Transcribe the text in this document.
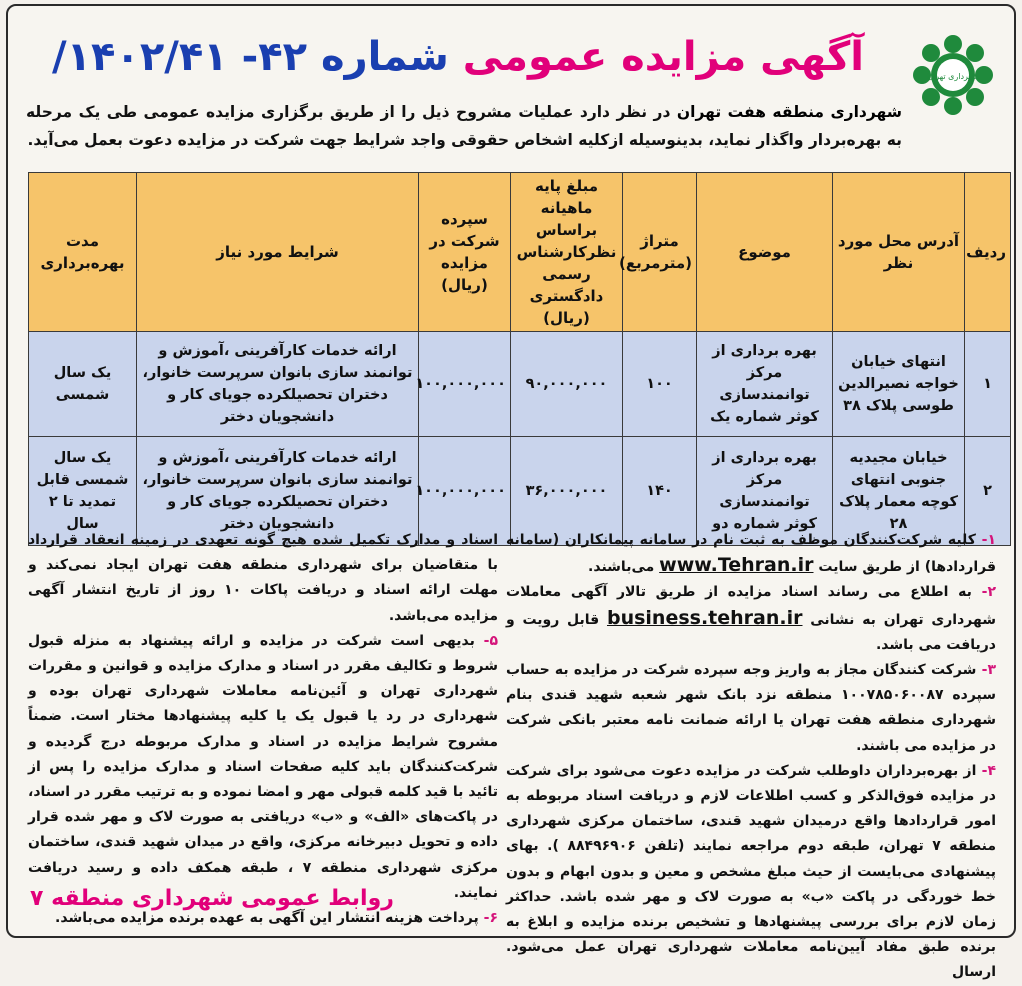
شهرداری تهران
آگهی مزایده عمومی شماره ۴۲- ۱۴۰۲/۴۱/
شهرداری منطقه هفت تهران در نظر دارد عملیات مشروح ذیل را از طریق برگزاری مزایده عمومی طی یک مرحله به بهره‌بردار واگذار نماید، بدینوسیله ازکلیه اشخاص حقوقی واجد شرایط جهت شرکت در مزایده دعوت بعمل می‌آید.
ردیف	آدرس محل مورد نظر	موضوع	متراژ (مترمربع)	مبلغ پایه ماهیانه براساس نظرکارشناس رسمی دادگستری (ریال)	سپرده شرکت در مزایده (ریال)	شرایط مورد نیاز	مدت بهره‌برداری
۱	انتهای خیابان خواجه نصیرالدین طوسی پلاک ۳۸	بهره برداری از مرکز توانمندسازی کوثر شماره یک	۱۰۰	۹۰,۰۰۰,۰۰۰	۱۰۰,۰۰۰,۰۰۰	ارائه خدمات کارآفرینی ،آموزش و توانمند سازی بانوان سرپرست خانوار، دختران تحصیلکرده جویای کار و دانشجویان دختر	یک سال شمسی
۲	خیابان مجیدیه جنوبی انتهای کوچه معمار پلاک ۲۸	بهره برداری از مرکز توانمندسازی کوثر شماره دو	۱۴۰	۳۶,۰۰۰,۰۰۰	۱۰۰,۰۰۰,۰۰۰	ارائه خدمات کارآفرینی ،آموزش و توانمند سازی بانوان سرپرست خانوار، دختران تحصیلکرده جویای کار و دانشجویان دختر	یک سال شمسی قابل تمدید تا ۲ سال

۱- کلیه شرکت‌کنندگان موظف به ثبت نام در سامانه پیمانکاران (سامانه قراردادها) از طریق سایت www.Tehran.ir می‌باشند.

۲- به اطلاع می رساند اسناد مزایده از طریق تالار آگهی معاملات شهرداری تهران به نشانی business.tehran.ir قابل رویت و دریافت می باشد.

۳- شرکت کنندگان مجاز به واریز وجه سپرده شرکت در مزایده به حساب سپرده ۱۰۰۷۸۵۰۶۰۰۸۷ منطقه نزد بانک شهر شعبه شهید قندی بنام شهرداری منطقه هفت تهران یا ارائه ضمانت نامه معتبر بانکی شرکت در مزایده می باشند.

۴- از بهره‌برداران داوطلب شرکت در مزایده دعوت می‌شود برای شرکت در مزایده فوق‌الذکر و کسب اطلاعات لازم و دریافت اسناد مربوطه به امور قراردادها واقع درمیدان شهید قندی، ساختمان مرکزی شهرداری منطقه ۷ تهران، طبقه دوم مراجعه نمایند (تلفن ۸۸۴۹۶۹۰۶ ). بهای پیشنهادی می‌بایست از حیث مبلغ مشخص و معین و بدون ابهام و بدون خط خوردگی در پاکت «ب» به صورت لاک و مهر شده باشد. حداکثر زمان لازم برای بررسی پیشنهادها و تشخیص برنده مزایده و ابلاغ به برنده طبق مفاد آیین‌نامه معاملات شهرداری تهران عمل می‌شود. ارسال

اسناد و مدارک تکمیل شده هیچ گونه تعهدی در زمینه انعقاد قرارداد با متقاضیان برای شهرداری منطقه هفت تهران ایجاد نمی‌کند و مهلت ارائه اسناد و دریافت پاکات ۱۰ روز از تاریخ انتشار آگهی مزایده می‌باشد.

۵- بدیهی است شرکت در مزایده و ارائه پیشنهاد به منزله قبول شروط و تکالیف مقرر در اسناد و مدارک مزایده و قوانین و مقررات شهرداری تهران و آئین‌نامه معاملات شهرداری تهران بوده و شهرداری در رد یا قبول یک یا کلیه پیشنهادها مختار است. ضمناً مشروح شرایط مزایده در اسناد و مدارک مربوطه درج گردیده و شرکت‌کنندگان باید کلیه صفحات اسناد و مدارک مزایده را پس از تائید با قید کلمه قبولی مهر و امضا نموده و به ترتیب مقرر در اسناد، در پاکت‌های «الف» و «ب» دریافتی به صورت لاک و مهر شده قرار داده و تحویل دبیرخانه مرکزی، واقع در میدان شهید قندی، ساختمان مرکزی شهرداری منطقه ۷ ، طبقه همکف داده و رسید دریافت نمایند.

۶- پرداخت هزینه انتشار این آگهی به عهده برنده مزایده می‌باشد.

روابط عمومی شهرداری منطقه ۷
